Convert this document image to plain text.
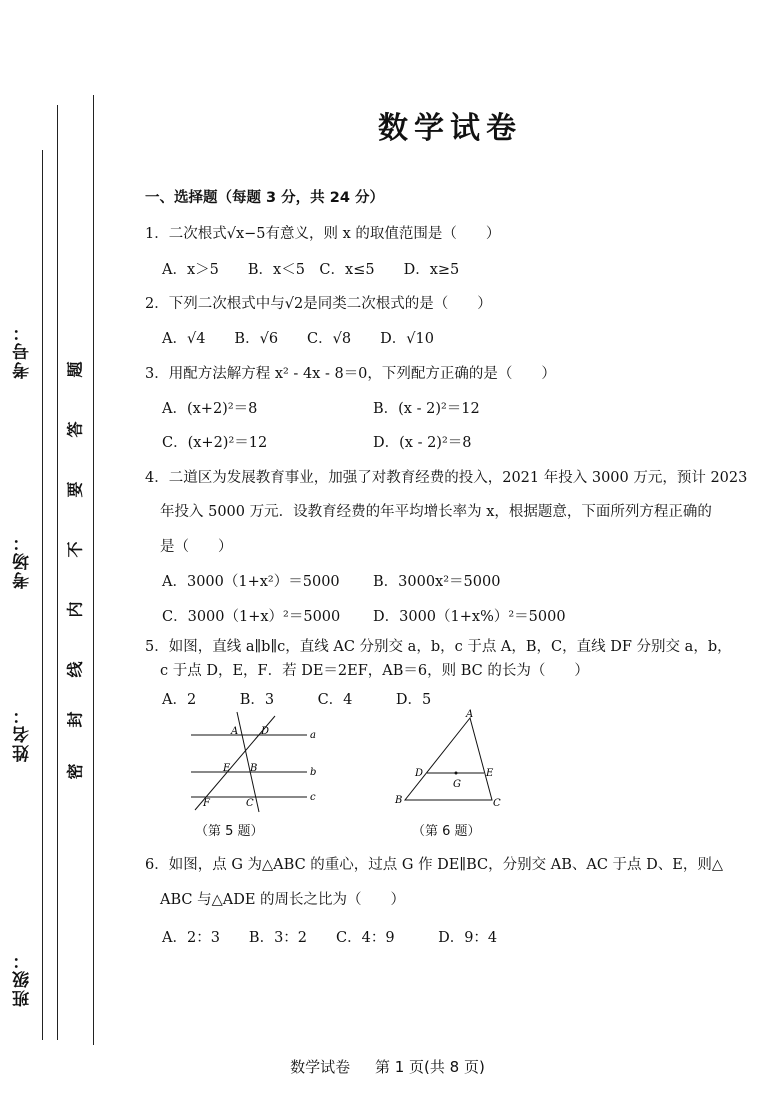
考号：
考场：
姓名：
班级：
题
答
要
不
内
线
封
密
数学试卷
一、选择题（每题 3 分，共 24 分）
1．二次根式√x−5有意义，则 x 的取值范围是（　　）
A．x＞5　　B．x＜5　C．x≤5　　D．x≥5
2．下列二次根式中与√2是同类二次根式的是（　　）
A．√4　　B．√6　　C．√8　　D．√10
3．用配方法解方程 x² - 4x - 8＝0，下列配方正确的是（　　）
A．(x+2)²＝8	B．(x - 2)²＝12
C．(x+2)²＝12	D．(x - 2)²＝8
4．二道区为发展教育事业，加强了对教育经费的投入，2021 年投入 3000 万元，预计 2023
年投入 5000 万元．设教育经费的年平均增长率为 x，根据题意，下面所列方程正确的
是（　　）
A．3000（1+x²）＝5000 B．3000x²＝5000
C．3000（1+x）²＝5000 D．3000（1+x%）²＝5000
5．如图，直线 a∥b∥c，直线 AC 分别交 a，b，c 于点 A，B，C，直线 DF 分别交 a，b，
c 于点 D，E，F．若 DE＝2EF，AB＝6，则 BC 的长为（　　）
A．2　　　B．3　　　C．4　　　D．5
A D
E B
F	C
a
b
c
（第 5 题）
A
D	E
G
B	C
（第 6 题）
6．如图，点 G 为△ABC 的重心，过点 G 作 DE∥BC，分别交 AB、AC 于点 D、E，则△
ABC 与△ADE 的周长之比为（　　）
A．2：3　　B．3：2　　C．4：9　　　D．9：4
数学试卷 第 1 页(共 8 页)
